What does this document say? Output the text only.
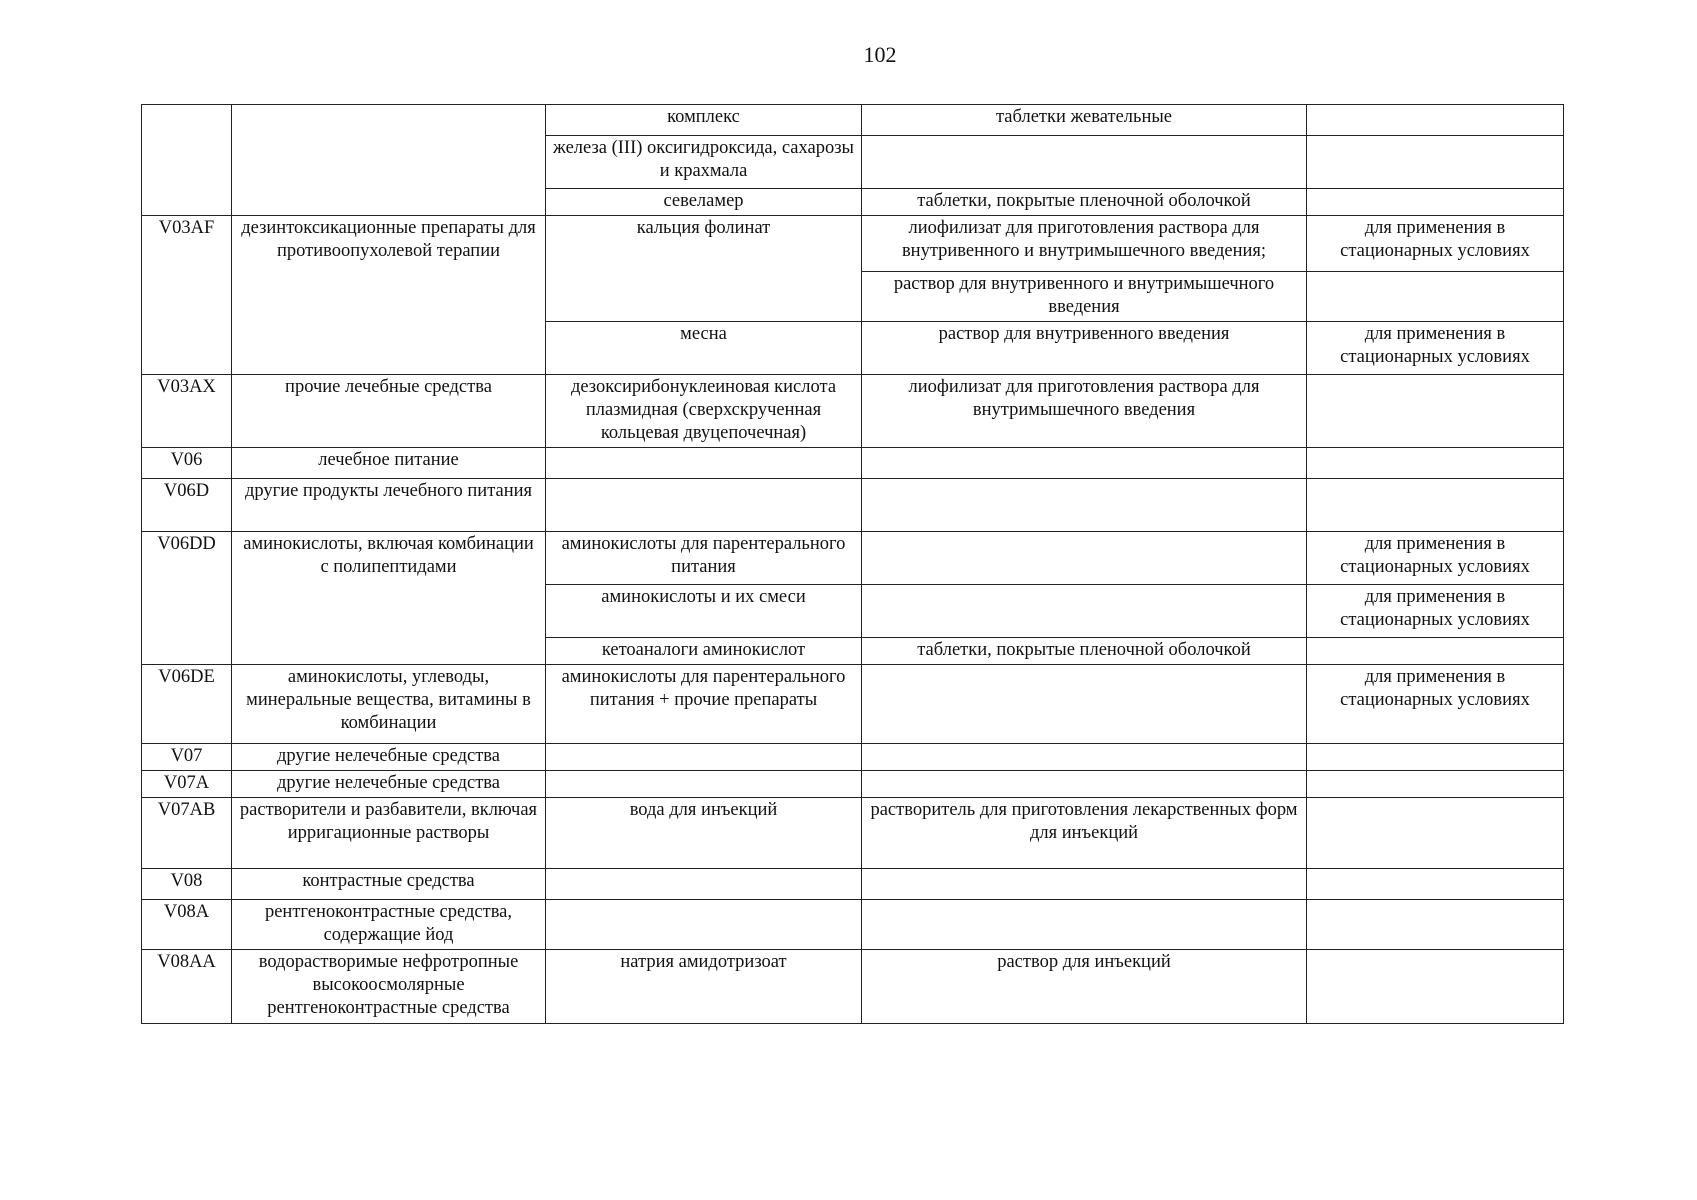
102
		комплекс	таблетки жевательные	
		железа (III) оксигидроксида, сахарозы и крахмала		
		севеламер	таблетки, покрытые пленочной оболочкой	
V03AF	дезинтоксикационные препараты для противоопухолевой терапии	кальция фолинат	лиофилизат для приготовления раствора для внутривенного и внутримышечного введения;	для применения в стационарных условиях
			раствор для внутривенного и внутримышечного введения	
		месна	раствор для внутривенного введения	для применения в стационарных условиях
V03AX	прочие лечебные средства	дезоксирибонуклеиновая кислота плазмидная (сверхскрученная кольцевая двуцепочечная)	лиофилизат для приготовления раствора для внутримышечного введения	
V06	лечебное питание			
V06D	другие продукты лечебного питания			
V06DD	аминокислоты, включая комбинации с полипептидами	аминокислоты для парентерального питания		для применения в стационарных условиях
		аминокислоты и их смеси		для применения в стационарных условиях
		кетоаналоги аминокислот	таблетки, покрытые пленочной оболочкой	
V06DE	аминокислоты, углеводы, минеральные вещества, витамины в комбинации	аминокислоты для парентерального питания + прочие препараты		для применения в стационарных условиях
V07	другие нелечебные средства			
V07A	другие нелечебные средства			
V07AB	растворители и разбавители, включая ирригационные растворы	вода для инъекций	растворитель для приготовления лекарственных форм для инъекций	
V08	контрастные средства			
V08A	рентгеноконтрастные средства, содержащие йод			
V08AA	водорастворимые нефротропные высокоосмолярные рентгеноконтрастные средства	натрия амидотризоат	раствор для инъекций	
